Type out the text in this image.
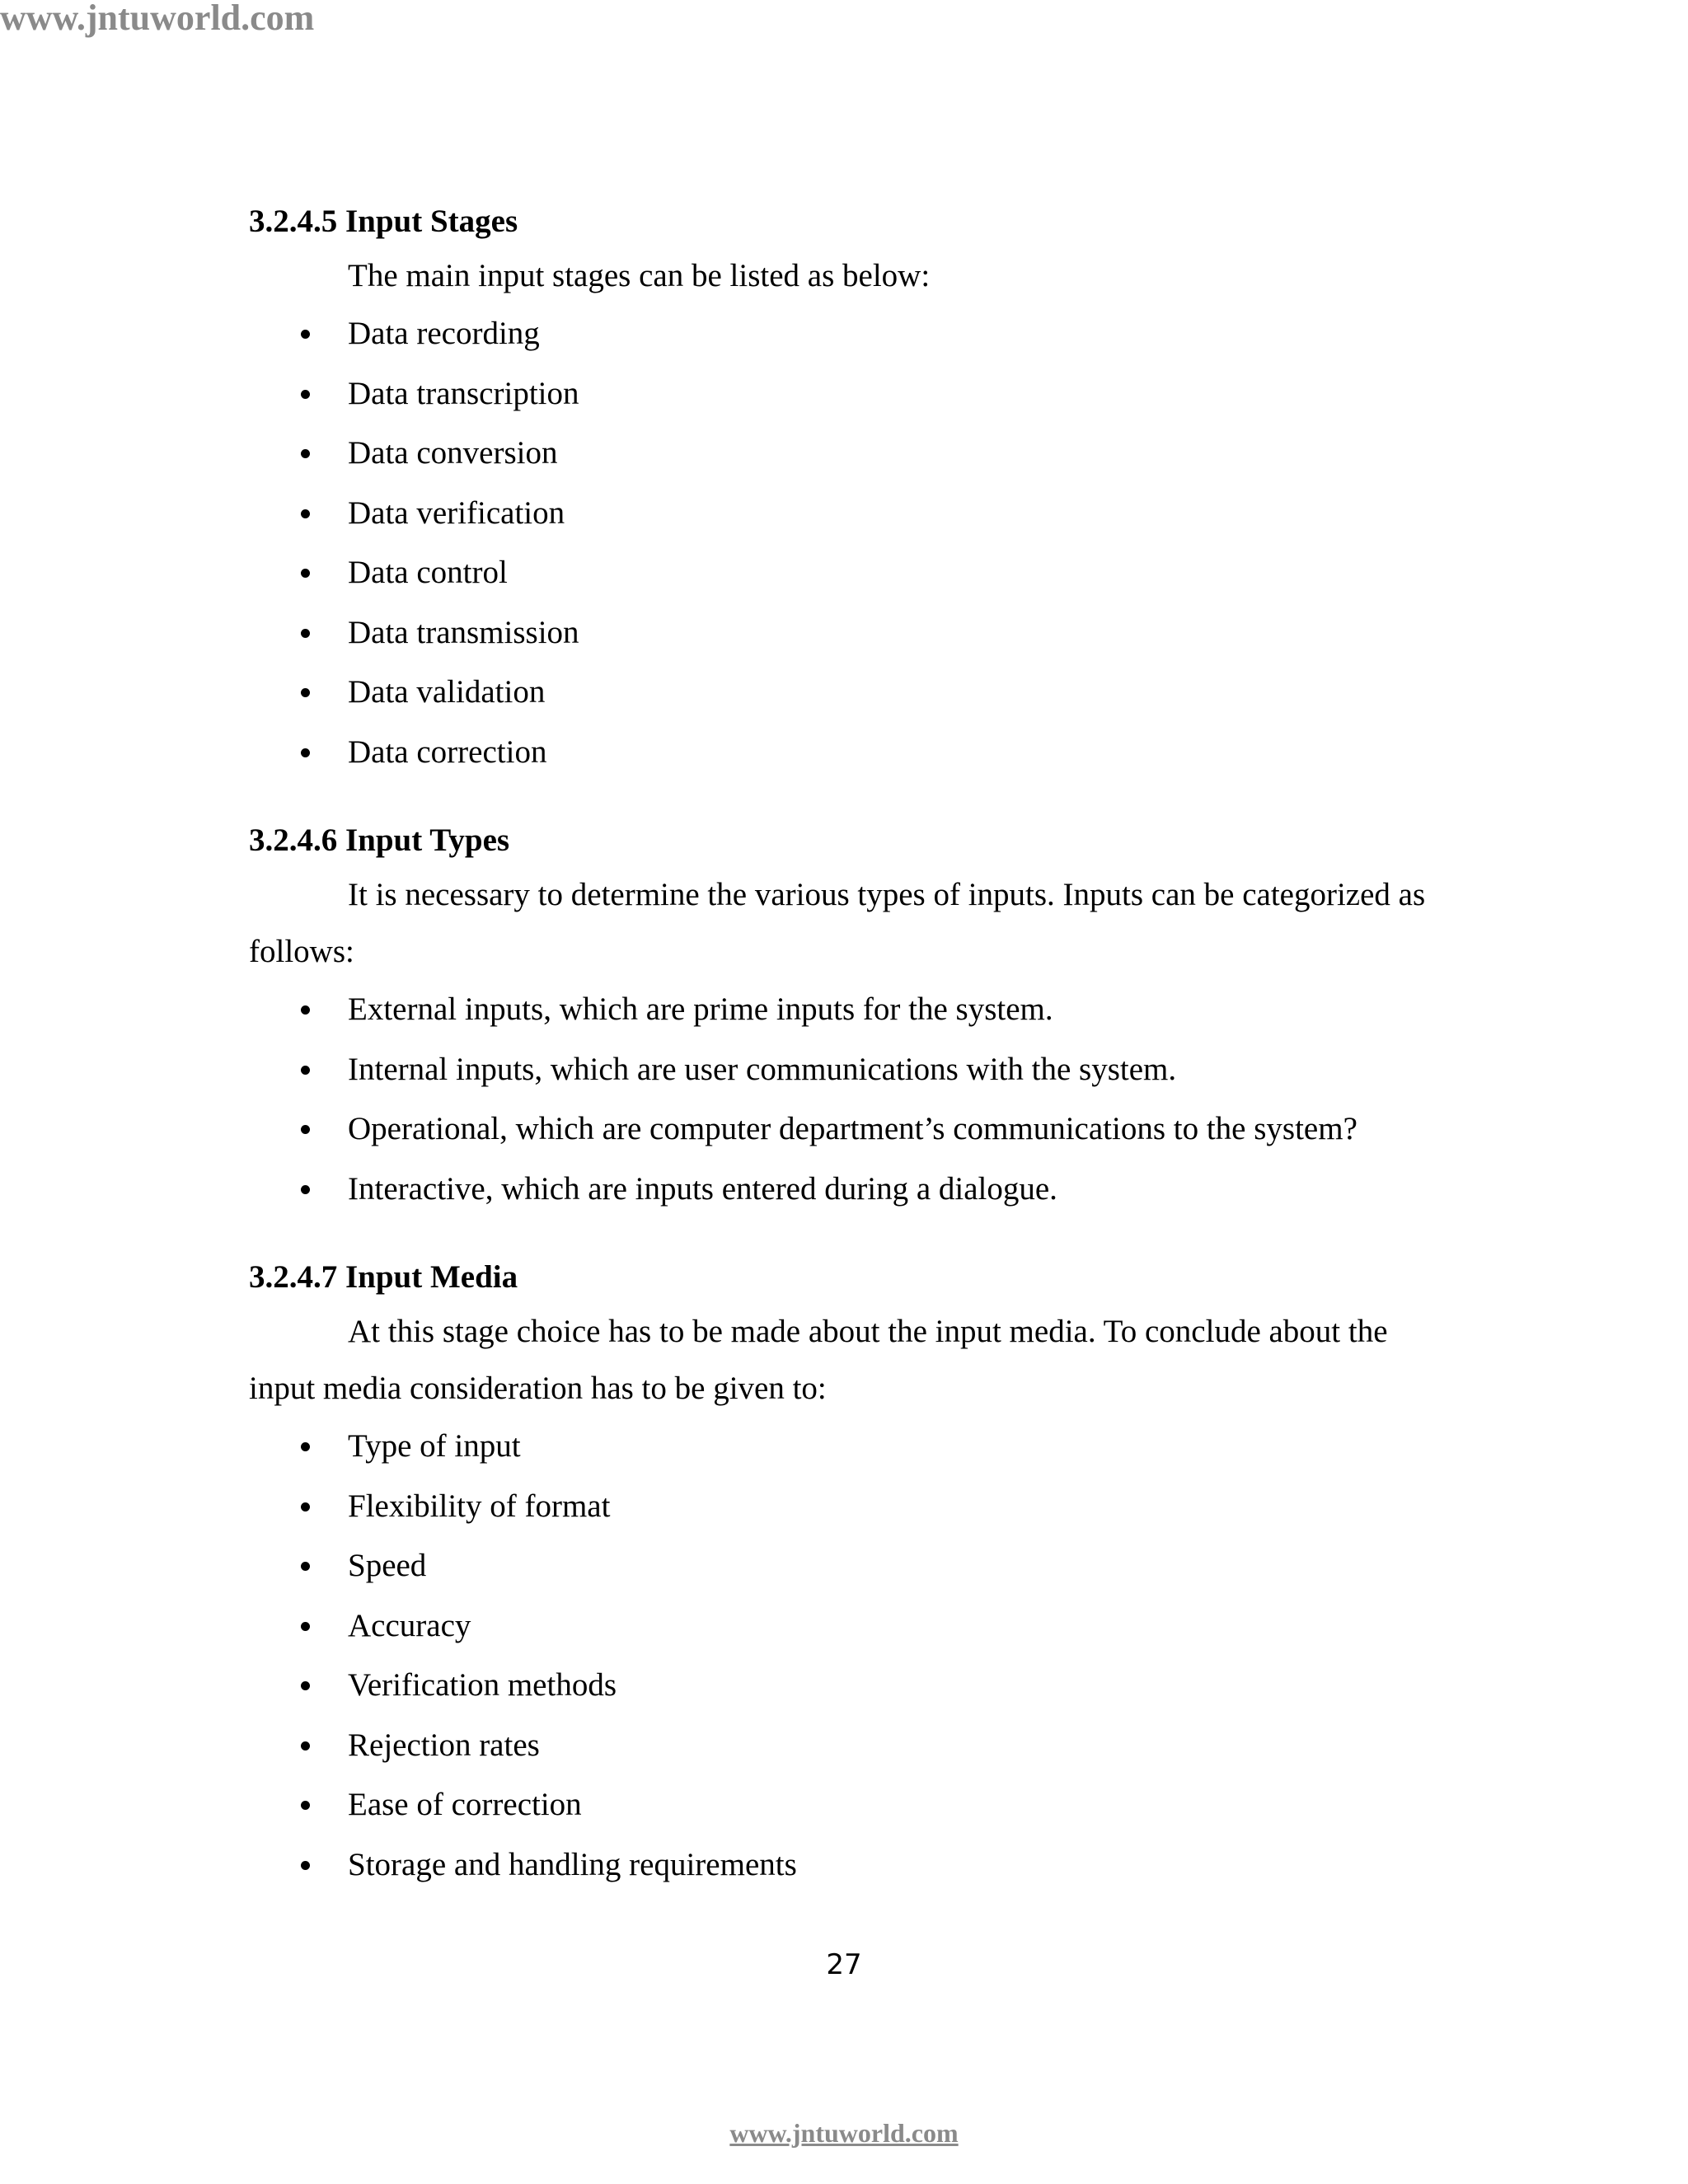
www.jntuworld.com

3.2.4.5 Input Stages

The main input stages can be listed as below:

Data recording
Data transcription
Data conversion
Data verification
Data control
Data transmission
Data validation
Data correction

3.2.4.6 Input Types

It is necessary to determine the various types of inputs. Inputs can be categorized as follows:

External inputs, which are prime inputs for the system.
Internal inputs, which are user communications with the system.
Operational, which are computer department’s communications to the system?
Interactive, which are inputs entered during a dialogue.

3.2.4.7 Input Media

At this stage choice has to be made about the input media. To conclude about the input media consideration has to be given to:

Type of input
Flexibility of format
Speed
Accuracy
Verification methods
Rejection rates
Ease of correction
Storage and handling requirements
27
www.jntuworld.com
